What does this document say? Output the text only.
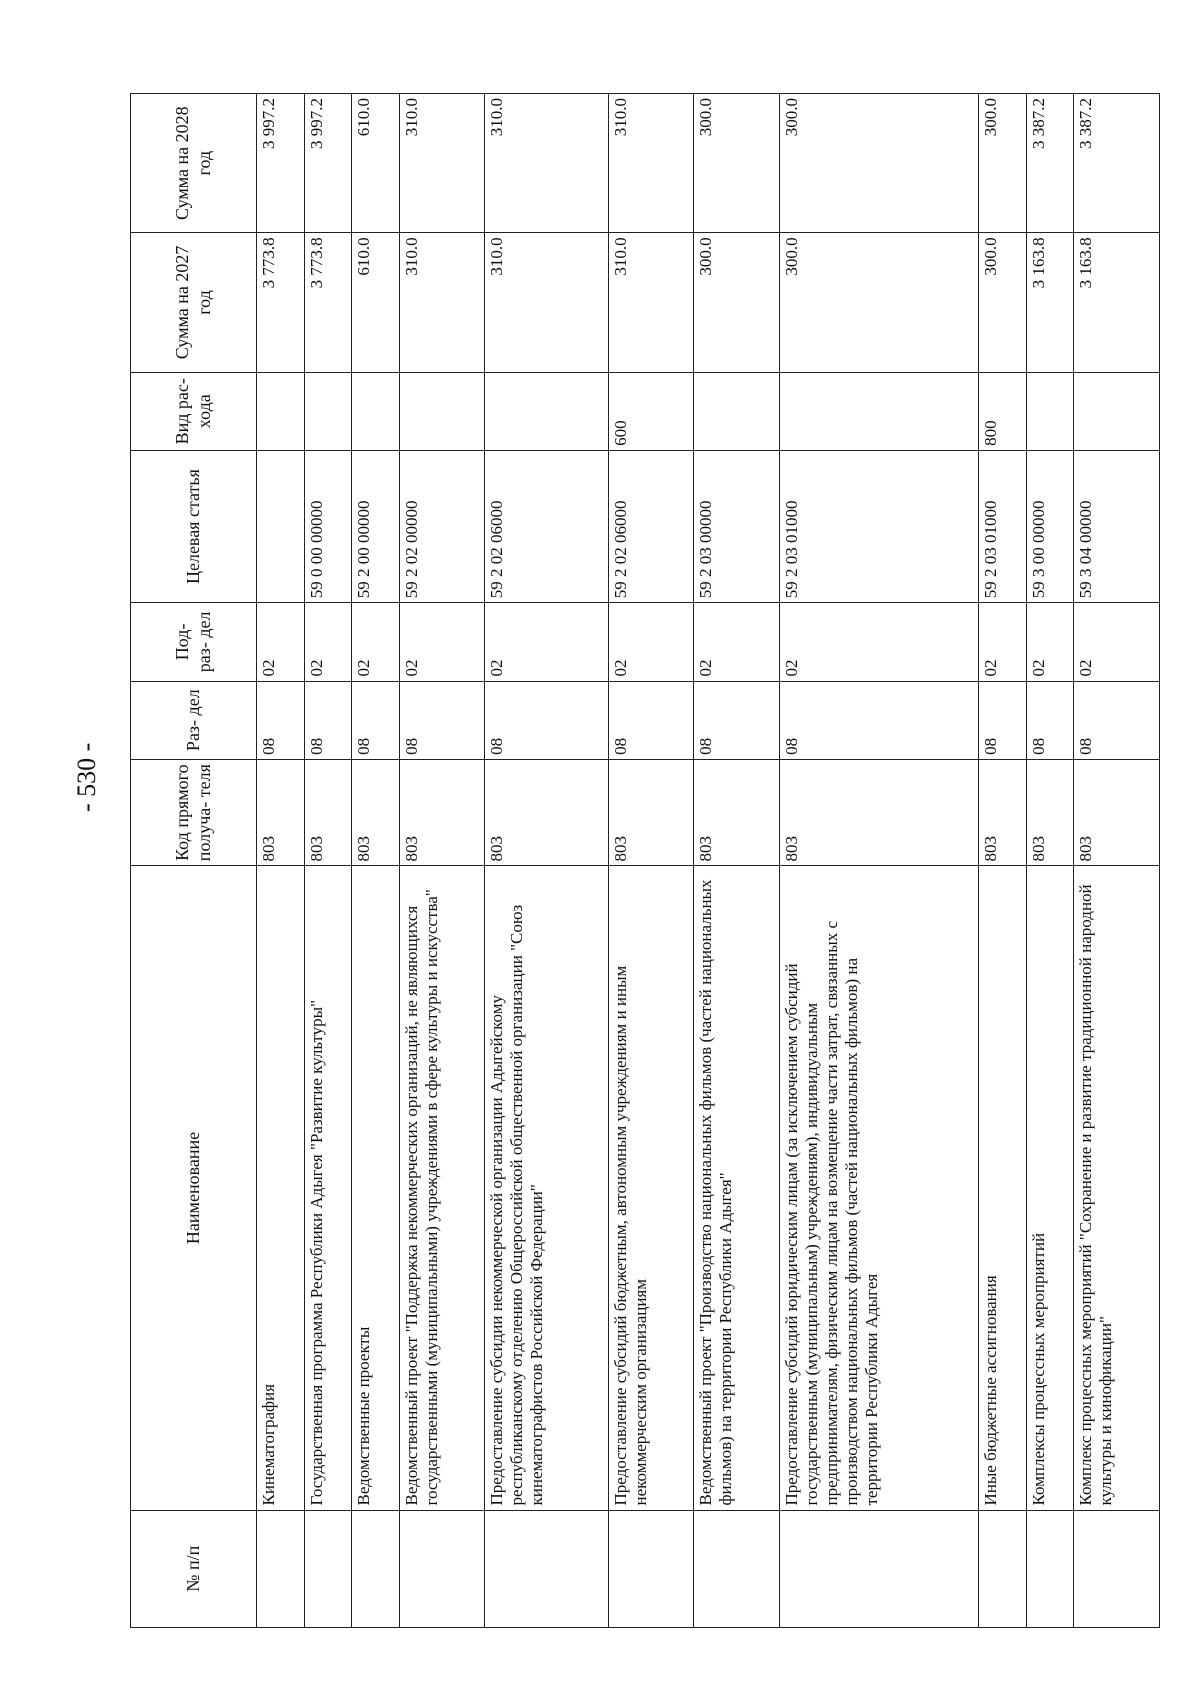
- 530 -
№ п/п	Наименование	Код прямого получа- теля	Раз- дел	Под- раз- дел	Целевая статья	Вид рас- хода	Сумма на 2027 год	Сумма на 2028 год
	Кинематография	803	08	02			3 773.8	3 997.2
	Государственная программа Республики Адыгея "Развитие культуры"	803	08	02	59 0 00 00000		3 773.8	3 997.2
	Ведомственные проекты	803	08	02	59 2 00 00000		610.0	610.0
	Ведомственный проект "Поддержка некоммерческих организаций, не являющихся государственными (муниципальными) учреждениями в сфере культуры и искусства"	803	08	02	59 2 02 00000		310.0	310.0
	Предоставление субсидии некоммерческой организации Адыгейскому республиканскому отделению Общероссийской общественной организации "Союз кинематографистов Российской Федерации"	803	08	02	59 2 02 06000		310.0	310.0
	Предоставление субсидий бюджетным, автономным учреждениям и иным некоммерческим организациям	803	08	02	59 2 02 06000	600	310.0	310.0
	Ведомственный проект "Производство национальных фильмов (частей национальных фильмов) на территории Республики Адыгея"	803	08	02	59 2 03 00000		300.0	300.0
	Предоставление субсидий юридическим лицам (за исключением субсидий государственным (муниципальным) учреждениям), индивидуальным предпринимателям, физическим лицам на возмещение части затрат, связанных с производством национальных фильмов (частей национальных фильмов) на территории Республики Адыгея	803	08	02	59 2 03 01000		300.0	300.0
	Иные бюджетные ассигнования	803	08	02	59 2 03 01000	800	300.0	300.0
	Комплексы процессных мероприятий	803	08	02	59 3 00 00000		3 163.8	3 387.2
	Комплекс процессных мероприятий "Сохранение и развитие традиционной народной культуры и кинофикации"	803	08	02	59 3 04 00000		3 163.8	3 387.2
